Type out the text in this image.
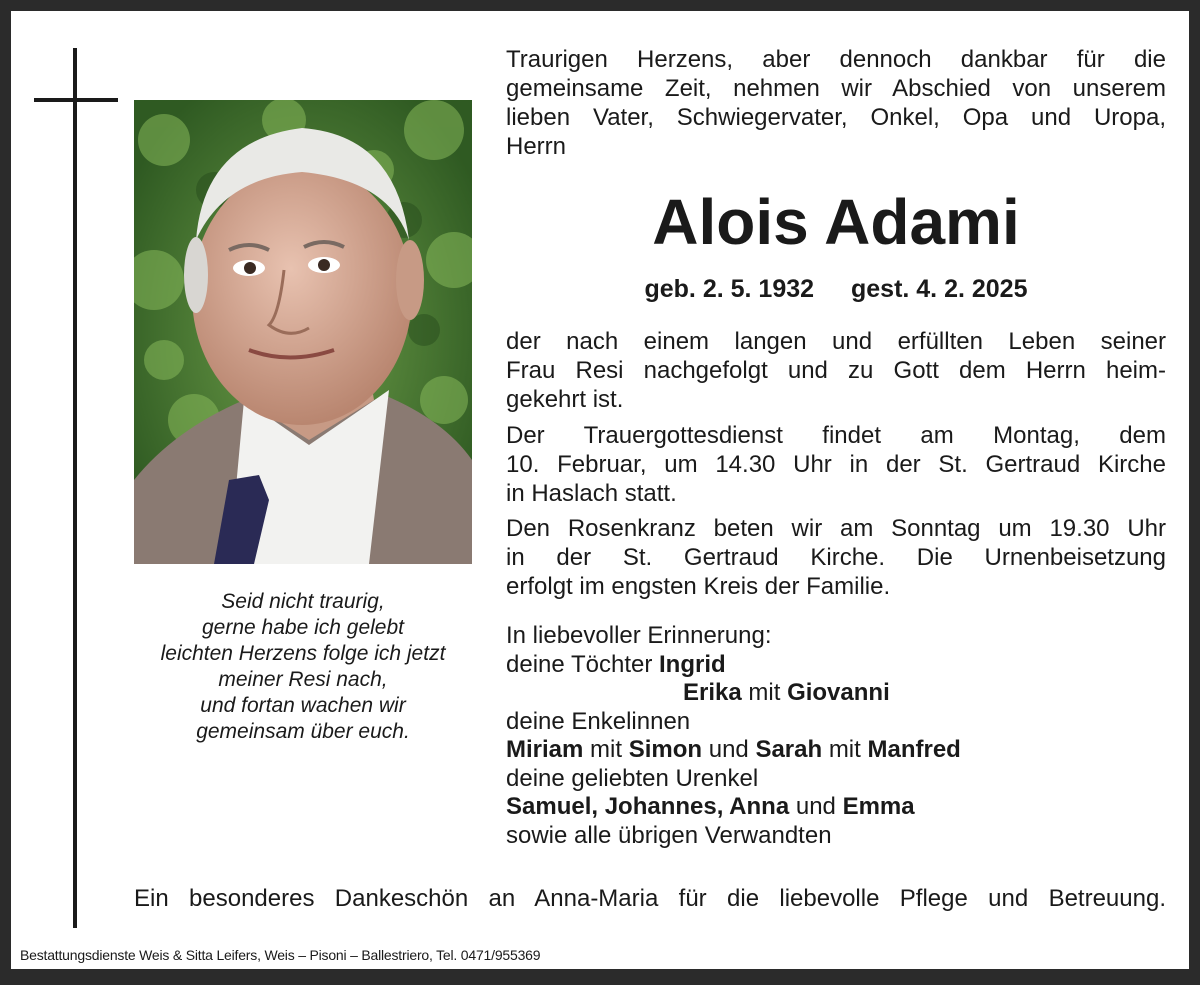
Seid nicht traurig,
gerne habe ich gelebt
leichten Herzens folge ich jetzt
meiner Resi nach,
und fortan wachen wir
gemeinsam über euch.
Traurigen Herzens, aber dennoch dankbar für die
gemeinsame Zeit, nehmen wir Abschied von unserem
lieben Vater, Schwiegervater, Onkel, Opa und Uropa,
Herrn
Alois Adami
geb. 2. 5. 1932 gest. 4. 2. 2025
der nach einem langen und erfüllten Leben seiner
Frau Resi nachgefolgt und zu Gott dem Herrn heim-
gekehrt ist.
Der Trauergottesdienst findet am Montag, dem
10. Februar, um 14.30 Uhr in der St. Gertraud Kirche
in Haslach statt.
Den Rosenkranz beten wir am Sonntag um 19.30 Uhr
in der St. Gertraud Kirche. Die Urnenbeisetzung
erfolgt im engsten Kreis der Familie.
In liebevoller Erinnerung:
deine Töchter Ingrid
Erika mit Giovanni
deine Enkelinnen
Miriam mit Simon und Sarah mit Manfred
deine geliebten Urenkel
Samuel, Johannes, Anna und Emma
sowie alle übrigen Verwandten
Ein besonderes Dankeschön an Anna-Maria für die liebevolle Pflege und Betreuung.
Bestattungsdienste Weis & Sitta Leifers, Weis – Pisoni – Ballestriero, Tel. 0471/955369
